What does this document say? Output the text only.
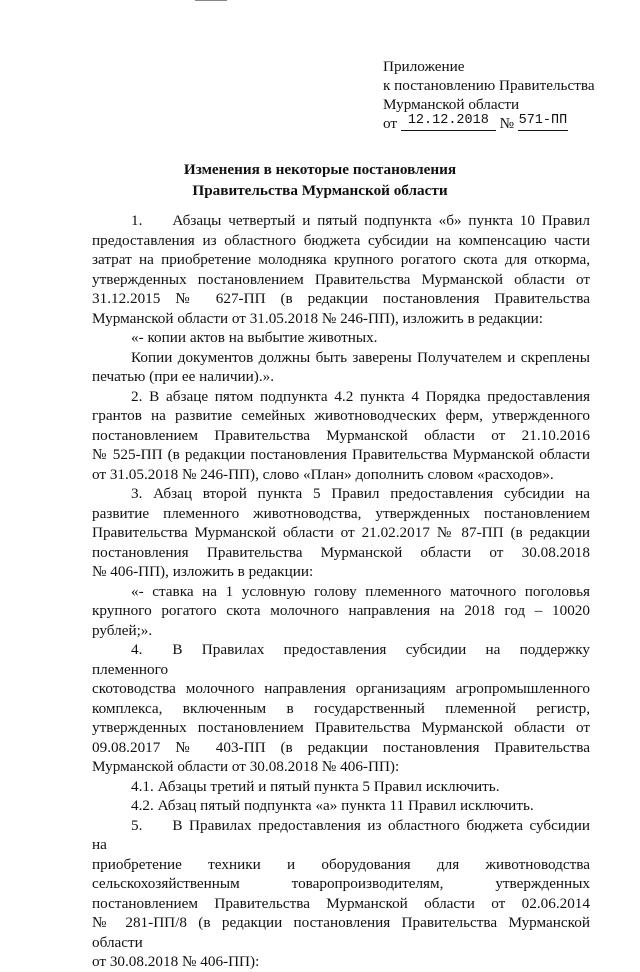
Приложение
к постановлению Правительства
Мурманской области
от 12.12.2018 № 571-ПП
Изменения в некоторые постановления
Правительства Мурманской области

1. Абзацы четвертый и пятый подпункта «б» пункта 10 Правил

предоставления из областного бюджета субсидии на компенсацию части

затрат на приобретение молодняка крупного рогатого скота для откорма,

утвержденных постановлением Правительства Мурманской области от

31.12.2015 № 627-ПП (в редакции постановления Правительства

Мурманской области от 31.05.2018 № 246-ПП), изложить в редакции:

«- копии актов на выбытие животных.

Копии документов должны быть заверены Получателем и скреплены

печатью (при ее наличии).».

2. В абзаце пятом подпункта 4.2 пункта 4 Порядка предоставления

грантов на развитие семейных животноводческих ферм, утвержденного

постановлением Правительства Мурманской области от 21.10.2016

№ 525-ПП (в редакции постановления Правительства Мурманской области

от 31.05.2018 № 246-ПП), слово «План» дополнить словом «расходов».

3. Абзац второй пункта 5 Правил предоставления субсидии на

развитие племенного животноводства, утвержденных постановлением

Правительства Мурманской области от 21.02.2017 № 87-ПП (в редакции

постановления Правительства Мурманской области от 30.08.2018

№ 406-ПП), изложить в редакции:

«- ставка на 1 условную голову племенного маточного поголовья

крупного рогатого скота молочного направления на 2018 год – 10020

рублей;».

4. В Правилах предоставления субсидии на поддержку племенного

скотоводства молочного направления организациям агропромышленного

комплекса, включенным в государственный племенной регистр,

утвержденных постановлением Правительства Мурманской области от

09.08.2017 № 403-ПП (в редакции постановления Правительства

Мурманской области от 30.08.2018 № 406-ПП):

4.1. Абзацы третий и пятый пункта 5 Правил исключить.

4.2. Абзац пятый подпункта «а» пункта 11 Правил исключить.

5. В Правилах предоставления из областного бюджета субсидии на

приобретение техники и оборудования для животноводства

сельскохозяйственным товаропроизводителям, утвержденных

постановлением Правительства Мурманской области от 02.06.2014

№ 281-ПП/8 (в редакции постановления Правительства Мурманской области

от 30.08.2018 № 406-ПП):
